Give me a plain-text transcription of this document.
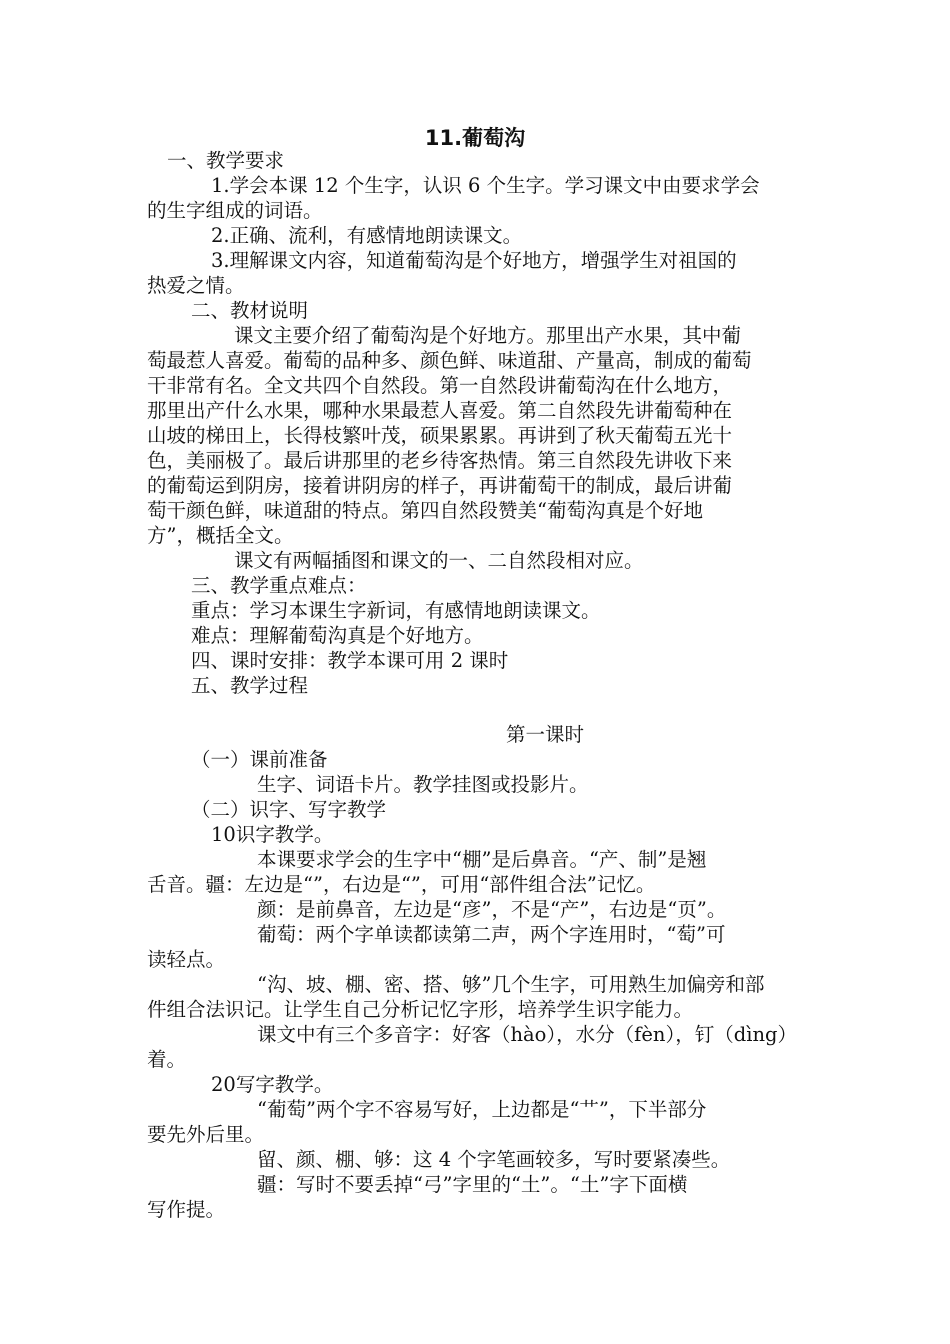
11.葡萄沟
一、教学要求
1.学会本课 12 个生字，认识 6 个生字。学习课文中由要求学会
的生字组成的词语。
2.正确、流利，有感情地朗读课文。
3.理解课文内容，知道葡萄沟是个好地方，增强学生对祖国的
热爱之情。
二、教材说明
课文主要介绍了葡萄沟是个好地方。那里出产水果，其中葡
萄最惹人喜爱。葡萄的品种多、颜色鲜、味道甜、产量高，制成的葡萄
干非常有名。全文共四个自然段。第一自然段讲葡萄沟在什么地方，
那里出产什么水果，哪种水果最惹人喜爱。第二自然段先讲葡萄种在
山坡的梯田上，长得枝繁叶茂，硕果累累。再讲到了秋天葡萄五光十
色，美丽极了。最后讲那里的老乡待客热情。第三自然段先讲收下来
的葡萄运到阴房，接着讲阴房的样子，再讲葡萄干的制成，最后讲葡
萄干颜色鲜，味道甜的特点。第四自然段赞美“葡萄沟真是个好地
方”，概括全文。
课文有两幅插图和课文的一、二自然段相对应。
三、教学重点难点：
重点：学习本课生字新词，有感情地朗读课文。
难点：理解葡萄沟真是个好地方。
四、课时安排：教学本课可用 2 课时
五、教学过程
第一课时
（一）课前准备
生字、词语卡片。教学挂图或投影片。
（二）识字、写字教学
10识字教学。
本课要求学会的生字中“棚”是后鼻音。“产、制”是翘
舌音。疆：左边是“”，右边是“”，可用“部件组合法”记忆。
颜：是前鼻音，左边是“彦”，不是“产”，右边是“页”。
葡萄：两个字单读都读第二声，两个字连用时，“萄”可
读轻点。
“沟、坡、棚、密、搭、够”几个生字，可用熟生加偏旁和部
件组合法识记。让学生自己分析记忆字形，培养学生识字能力。
课文中有三个多音字：好客（hào），水分（fèn），钉（dìng）
着。
20写字教学。
“葡萄”两个字不容易写好，上边都是“艹”，下半部分
要先外后里。
留、颜、棚、够：这 4 个字笔画较多，写时要紧凑些。
疆：写时不要丢掉“弓”字里的“土”。“土”字下面横
写作提。
